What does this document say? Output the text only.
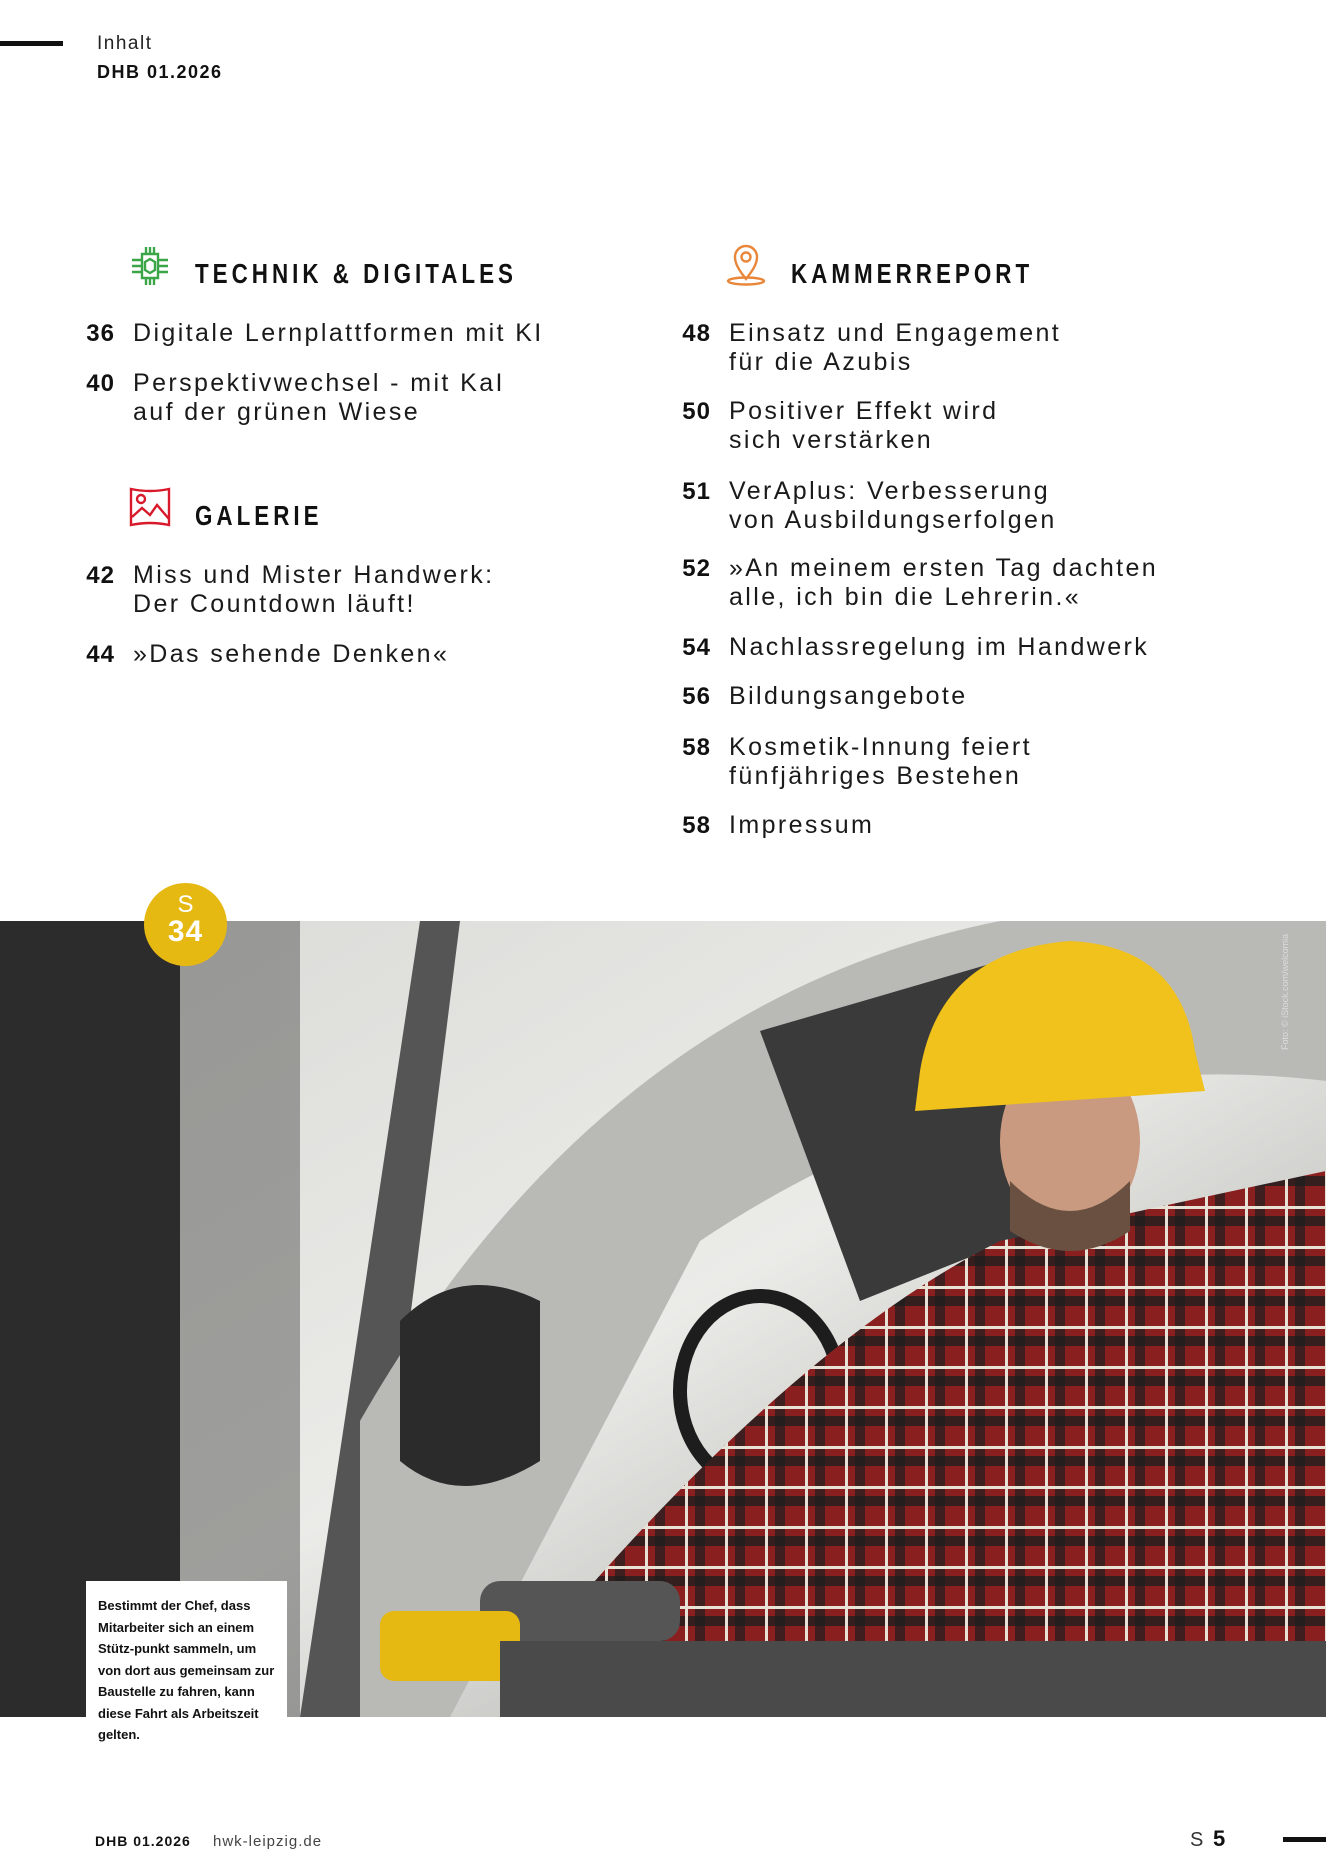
Inhalt
DHB 01.2026
TECHNIK & DIGITALES
36 Digitale Lernplattformen mit KI
40 Perspektivwechsel - mit KaI
auf der grünen Wiese
GALERIE
42 Miss und Mister Handwerk:
Der Countdown läuft!
44 »Das sehende Denken«
KAMMERREPORT
48 Einsatz und Engagement
für die Azubis
50 Positiver Effekt wird
sich verstärken
51 VerAplus: Verbesserung
von Ausbildungserfolgen
52 »An meinem ersten Tag dachten
alle, ich bin die Lehrerin.«
54 Nachlassregelung im Handwerk
56 Bildungsangebote
58 Kosmetik-Innung feiert
fünfjähriges Bestehen
58 Impressum
S
34
Foto: © iStock.com/welcomia
Bestimmt der Chef, dass Mitarbeiter sich an einem Stütz-punkt sammeln, um von dort aus gemeinsam zur Baustelle zu fahren, kann diese Fahrt als Arbeitszeit gelten.
DHB 01.2026 hwk-leipzig.de	S 5
